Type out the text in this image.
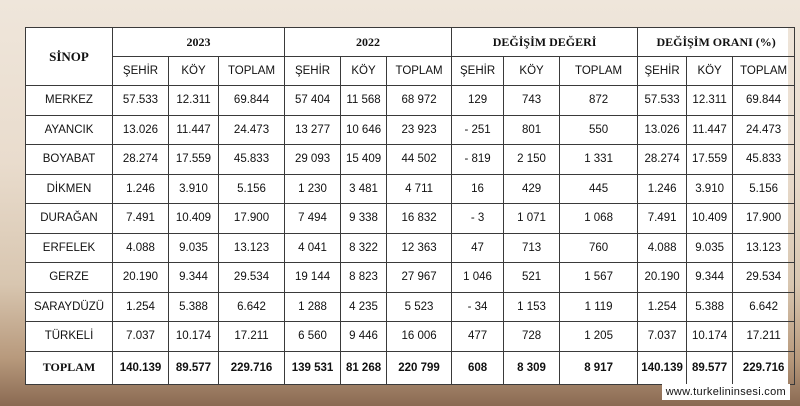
SİNOP	2023			2022			DEĞİŞİM DEĞERİ			DEĞİŞİM ORANI (%)		
	ŞEHİR	KÖY	TOPLAM	ŞEHİR	KÖY	TOPLAM	ŞEHİR	KÖY	TOPLAM	ŞEHİR	KÖY	TOPLAM
MERKEZ	57.533	12.311	69.844	57 404	11 568	68 972	129	743	872	57.533	12.311	69.844
AYANCIK	13.026	11.447	24.473	13 277	10 646	23 923	- 251	801	550	13.026	11.447	24.473
BOYABAT	28.274	17.559	45.833	29 093	15 409	44 502	- 819	2 150	1 331	28.274	17.559	45.833
DİKMEN	1.246	3.910	5.156	1 230	3 481	4 711	16	429	445	1.246	3.910	5.156
DURAĞAN	7.491	10.409	17.900	7 494	9 338	16 832	- 3	1 071	1 068	7.491	10.409	17.900
ERFELEK	4.088	9.035	13.123	4 041	8 322	12 363	47	713	760	4.088	9.035	13.123
GERZE	20.190	9.344	29.534	19 144	8 823	27 967	1 046	521	1 567	20.190	9.344	29.534
SARAYDÜZÜ	1.254	5.388	6.642	1 288	4 235	5 523	- 34	1 153	1 119	1.254	5.388	6.642
TÜRKELİ	7.037	10.174	17.211	6 560	9 446	16 006	477	728	1 205	7.037	10.174	17.211
TOPLAM	140.139	89.577	229.716	139 531	81 268	220 799	608	8 309	8 917	140.139	89.577	229.716
www.turkelininsesi.com
